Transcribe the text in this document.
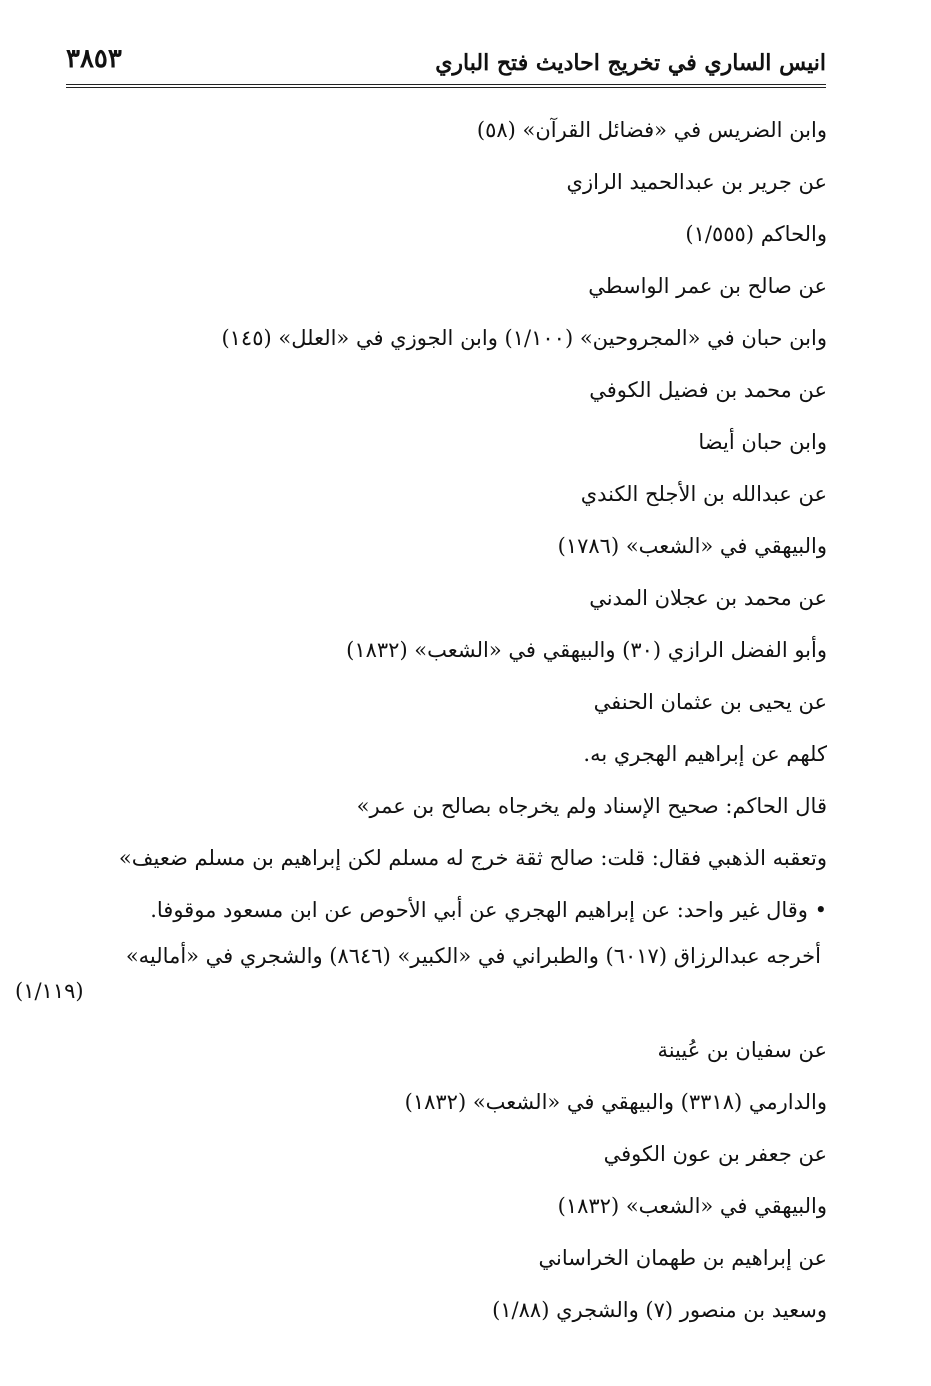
انيس الساري في تخريج احاديث فتح الباري
٣٨٥٣
وابن الضريس في «فضائل القرآن» (٥٨)
عن جرير بن عبدالحميد الرازي
والحاكم (١/٥٥٥)
عن صالح بن عمر الواسطي
وابن حبان في «المجروحين» (١/١٠٠) وابن الجوزي في «العلل» (١٤٥)
عن محمد بن فضيل الكوفي
وابن حبان أيضا
عن عبدالله بن الأجلح الكندي
والبيهقي في «الشعب» (١٧٨٦)
عن محمد بن عجلان المدني
وأبو الفضل الرازي (٣٠) والبيهقي في «الشعب» (١٨٣٢)
عن يحيى بن عثمان الحنفي
كلهم عن إبراهيم الهجري به.
قال الحاكم: صحيح الإسناد ولم يخرجاه بصالح بن عمر»
وتعقبه الذهبي فقال: قلت: صالح ثقة خرج له مسلم لكن إبراهيم بن مسلم ضعيف»
• وقال غير واحد: عن إبراهيم الهجري عن أبي الأحوص عن ابن مسعود موقوفا.
أخرجه عبدالرزاق (٦٠١٧) والطبراني في «الكبير» (٨٦٤٦) والشجري في «أماليه»
(١/١١٩)
عن سفيان بن عُيينة
والدارمي (٣٣١٨) والبيهقي في «الشعب» (١٨٣٢)
عن جعفر بن عون الكوفي
والبيهقي في «الشعب» (١٨٣٢)
عن إبراهيم بن طهمان الخراساني
وسعيد بن منصور (٧) والشجري (١/٨٨)
